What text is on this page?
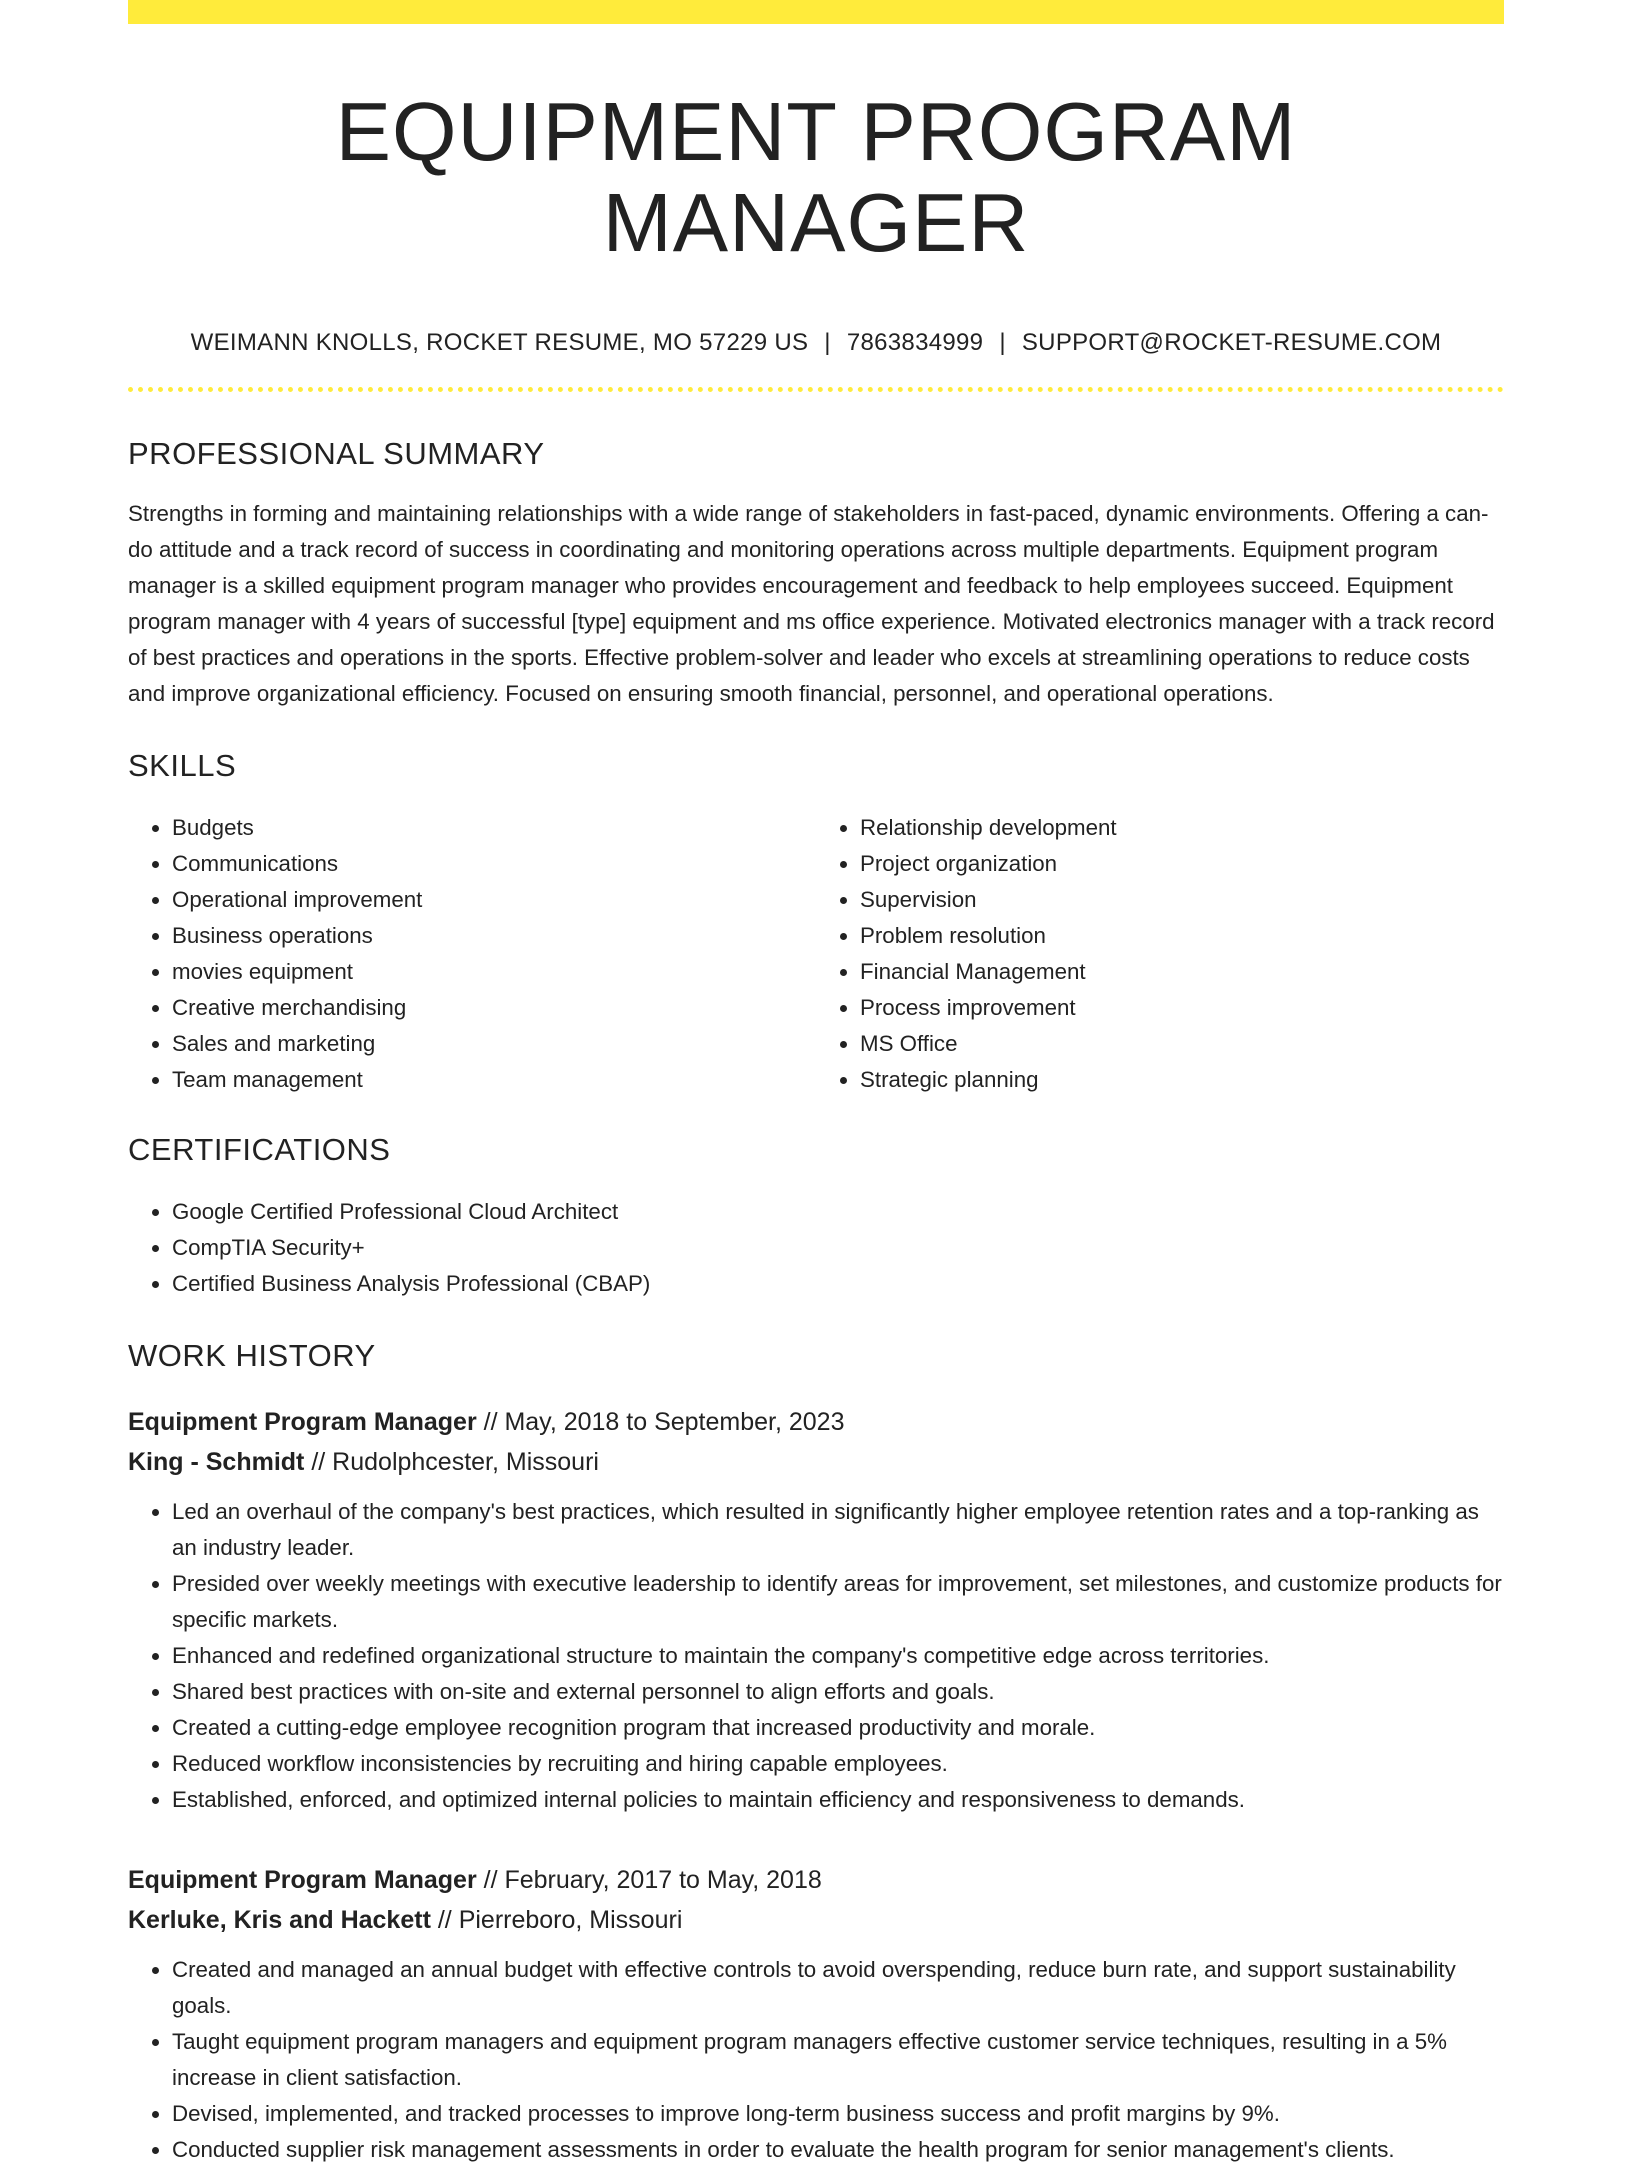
EQUIPMENT PROGRAM MANAGER
WEIMANN KNOLLS, ROCKET RESUME, MO 57229 US | 7863834999 | SUPPORT@ROCKET-RESUME.COM
PROFESSIONAL SUMMARY

Strengths in forming and maintaining relationships with a wide range of stakeholders in fast-paced, dynamic environments. Offering a can-do attitude and a track record of success in coordinating and monitoring operations across multiple departments. Equipment program manager is a skilled equipment program manager who provides encouragement and feedback to help employees succeed. Equipment program manager with 4 years of successful [type] equipment and ms office experience. Motivated electronics manager with a track record of best practices and operations in the sports. Effective problem-solver and leader who excels at streamlining operations to reduce costs and improve organizational efficiency. Focused on ensuring smooth financial, personnel, and operational operations.

SKILLS
• Budgets
• Communications
• Operational improvement
• Business operations
• movies equipment
• Creative merchandising
• Sales and marketing
• Team management
• Relationship development
• Project organization
• Supervision
• Problem resolution
• Financial Management
• Process improvement
• MS Office
• Strategic planning
CERTIFICATIONS
• Google Certified Professional Cloud Architect
• CompTIA Security+
• Certified Business Analysis Professional (CBAP)
WORK HISTORY
Equipment Program Manager // May, 2018 to September, 2023
King - Schmidt // Rudolphcester, Missouri
• Led an overhaul of the company's best practices, which resulted in significantly higher employee retention rates and a top-ranking as an industry leader.
• Presided over weekly meetings with executive leadership to identify areas for improvement, set milestones, and customize products for specific markets.
• Enhanced and redefined organizational structure to maintain the company's competitive edge across territories.
• Shared best practices with on-site and external personnel to align efforts and goals.
• Created a cutting-edge employee recognition program that increased productivity and morale.
• Reduced workflow inconsistencies by recruiting and hiring capable employees.
• Established, enforced, and optimized internal policies to maintain efficiency and responsiveness to demands.
Equipment Program Manager // February, 2017 to May, 2018
Kerluke, Kris and Hackett // Pierreboro, Missouri
• Created and managed an annual budget with effective controls to avoid overspending, reduce burn rate, and support sustainability goals.
• Taught equipment program managers and equipment program managers effective customer service techniques, resulting in a 5% increase in client satisfaction.
• Devised, implemented, and tracked processes to improve long-term business success and profit margins by 9%.
• Conducted supplier risk management assessments in order to evaluate the health program for senior management's clients.
